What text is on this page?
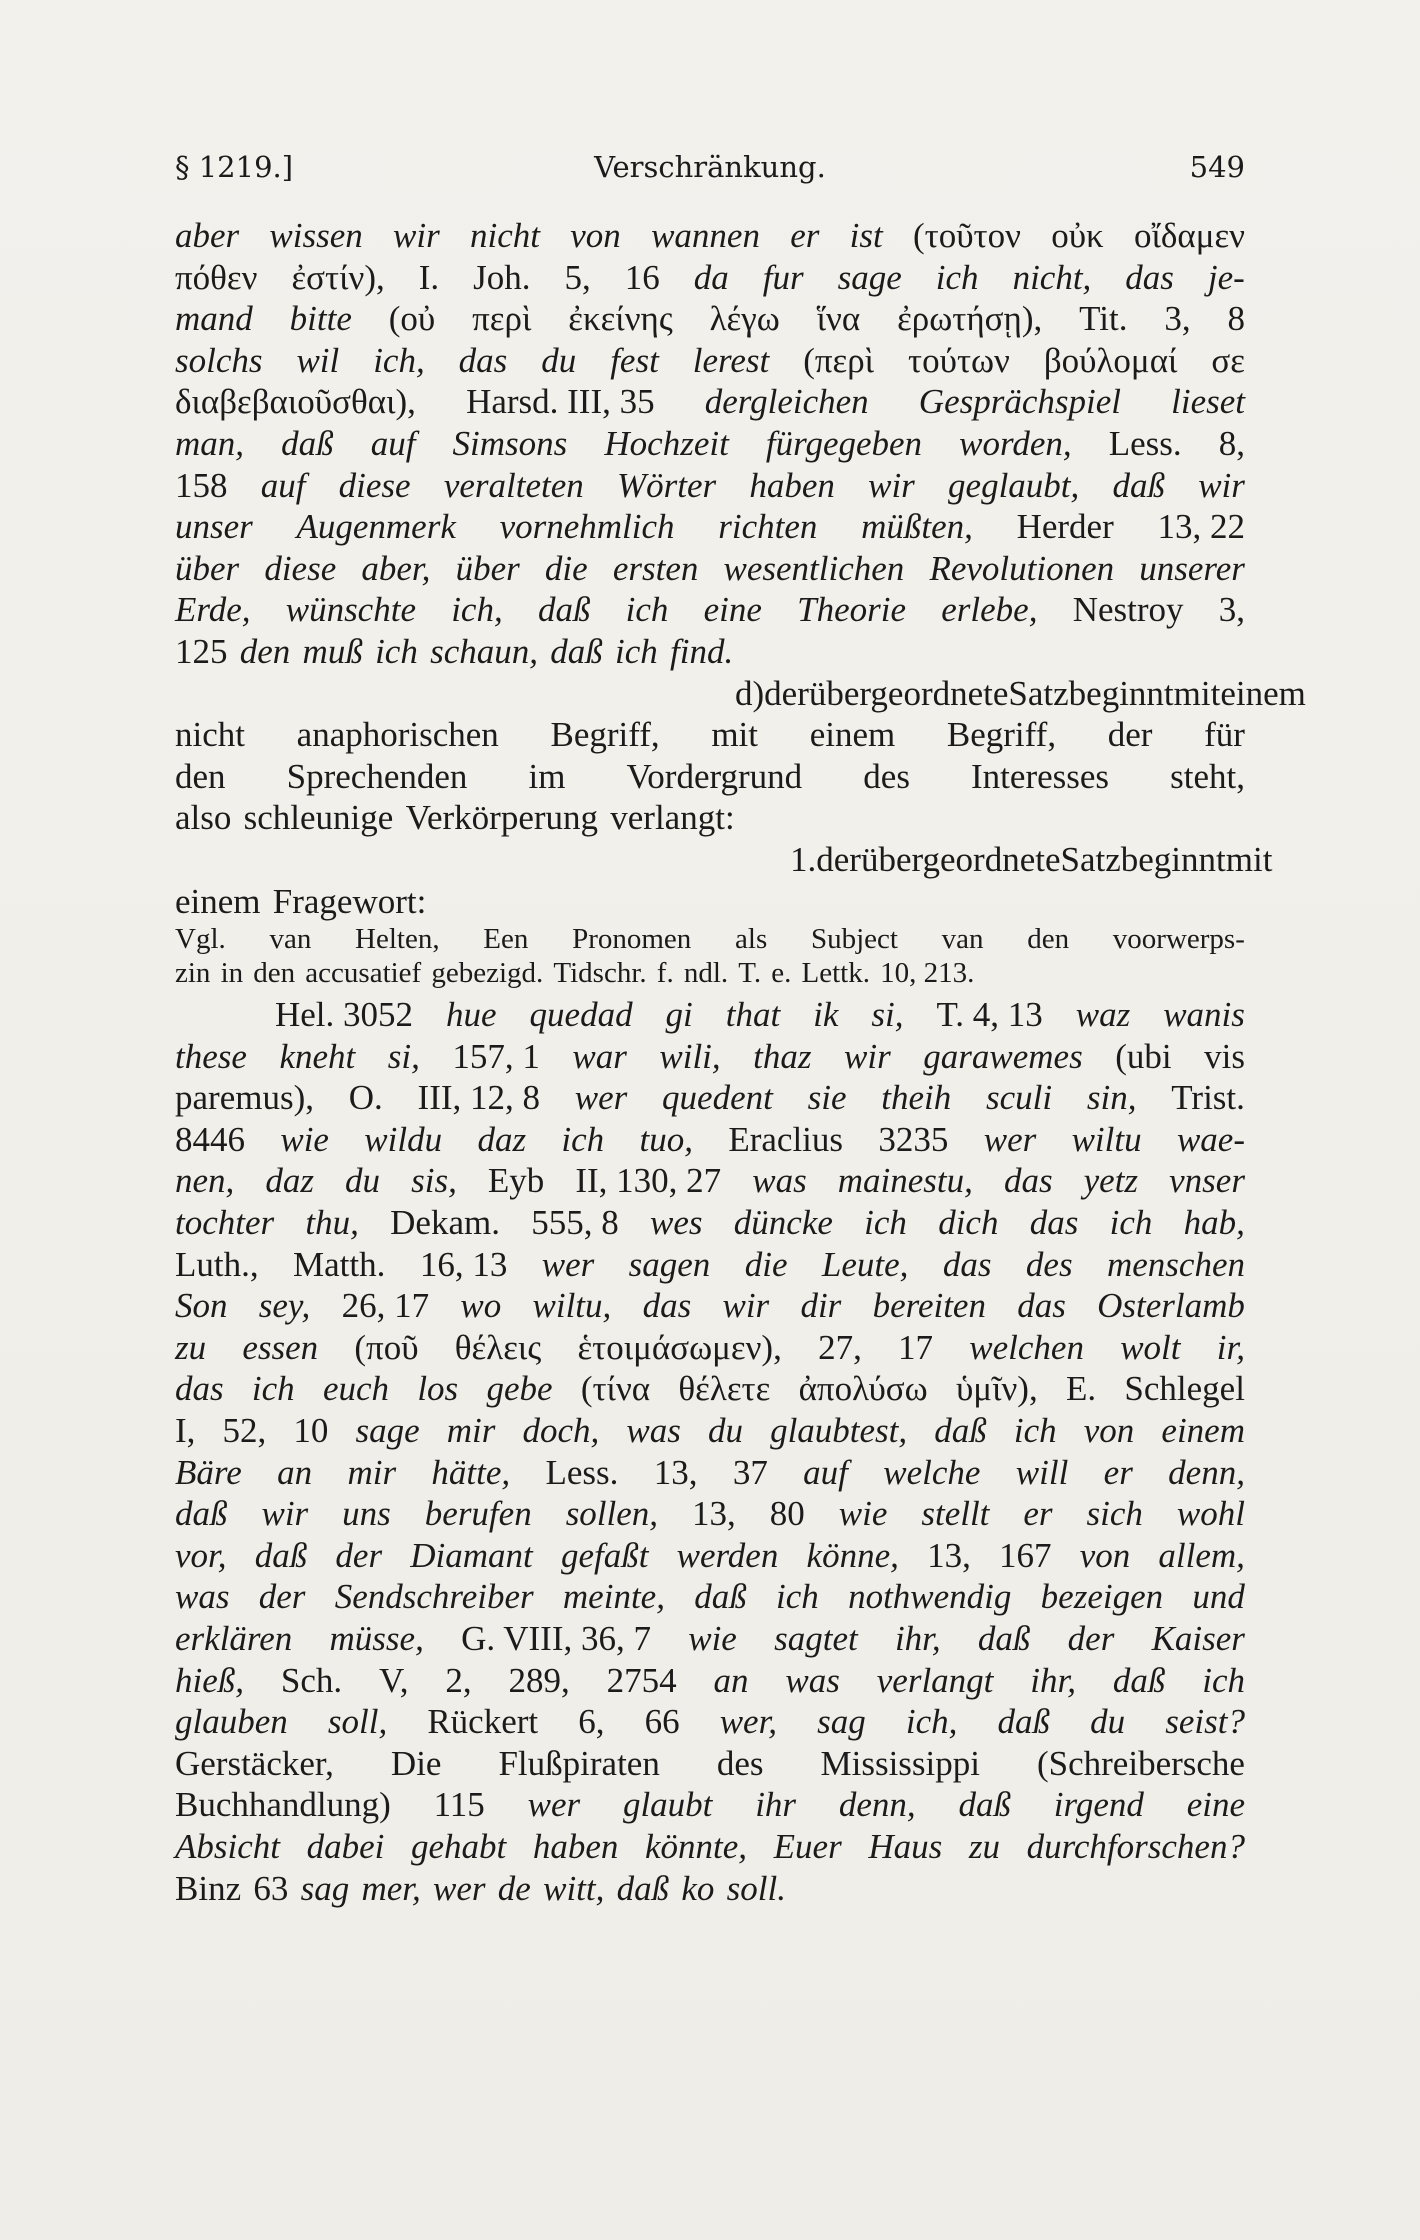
§ 1219.]	Verschränkung.	549
aber wissen wir nicht von wannen er ist (τοῦτον οὐκ οἴδαμεν
πόθεν ἐστίν), I. Joh. 5, 16 da fur sage ich nicht, das je-
mand bitte (οὐ περὶ ἐκείνης λέγω ἵνα ἐρωτήσῃ), Tit. 3, 8
solchs wil ich, das du fest lerest (περὶ τούτων βούλομαί σε
διαβεβαιοῦσθαι), Harsd. III, 35 dergleichen Gesprächspiel lieset
man, daß auf Simsons Hochzeit fürgegeben worden, Less. 8,
158 auf diese veralteten Wörter haben wir geglaubt, daß wir
unser Augenmerk vornehmlich richten müßten, Herder 13, 22
über diese aber, über die ersten wesentlichen Revolutionen unserer
Erde, wünschte ich, daß ich eine Theorie erlebe, Nestroy 3,
125 den muß ich schaun, daß ich find.
d) der übergeordnete Satz beginnt mit einem
nicht anaphorischen Begriff, mit einem Begriff, der für
den Sprechenden im Vordergrund des Interesses steht,
also schleunige Verkörperung verlangt:
1. der übergeordnete Satz beginnt mit
einem Fragewort:
Vgl. van Helten, Een Pronomen als Subject van den voorwerps-
zin in den accusatief gebezigd. Tidschr. f. ndl. T. e. Lettk. 10, 213.
Hel. 3052 hue quedad gi that ik si, T. 4, 13 waz wanis
these kneht si, 157, 1 war wili, thaz wir garawemes (ubi vis
paremus), O. III, 12, 8 wer quedent sie theih sculi sin, Trist.
8446 wie wildu daz ich tuo, Eraclius 3235 wer wiltu wae-
nen, daz du sis, Eyb II, 130, 27 was mainestu, das yetz vnser
tochter thu, Dekam. 555, 8 wes düncke ich dich das ich hab,
Luth., Matth. 16, 13 wer sagen die Leute, das des menschen
Son sey, 26, 17 wo wiltu, das wir dir bereiten das Osterlamb
zu essen (ποῦ θέλεις ἑτοιμάσωμεν), 27, 17 welchen wolt ir,
das ich euch los gebe (τίνα θέλετε ἀπολύσω ὑμῖν), E. Schlegel
I, 52, 10 sage mir doch, was du glaubtest, daß ich von einem
Bäre an mir hätte, Less. 13, 37 auf welche will er denn,
daß wir uns berufen sollen, 13, 80 wie stellt er sich wohl
vor, daß der Diamant gefaßt werden könne, 13, 167 von allem,
was der Sendschreiber meinte, daß ich nothwendig bezeigen und
erklären müsse, G. VIII, 36, 7 wie sagtet ihr, daß der Kaiser
hieß, Sch. V, 2, 289, 2754 an was verlangt ihr, daß ich
glauben soll, Rückert 6, 66 wer, sag ich, daß du seist?
Gerstäcker, Die Flußpiraten des Mississippi (Schreibersche
Buchhandlung) 115 wer glaubt ihr denn, daß irgend eine
Absicht dabei gehabt haben könnte, Euer Haus zu durchforschen?
Binz 63 sag mer, wer de witt, daß ko soll.
